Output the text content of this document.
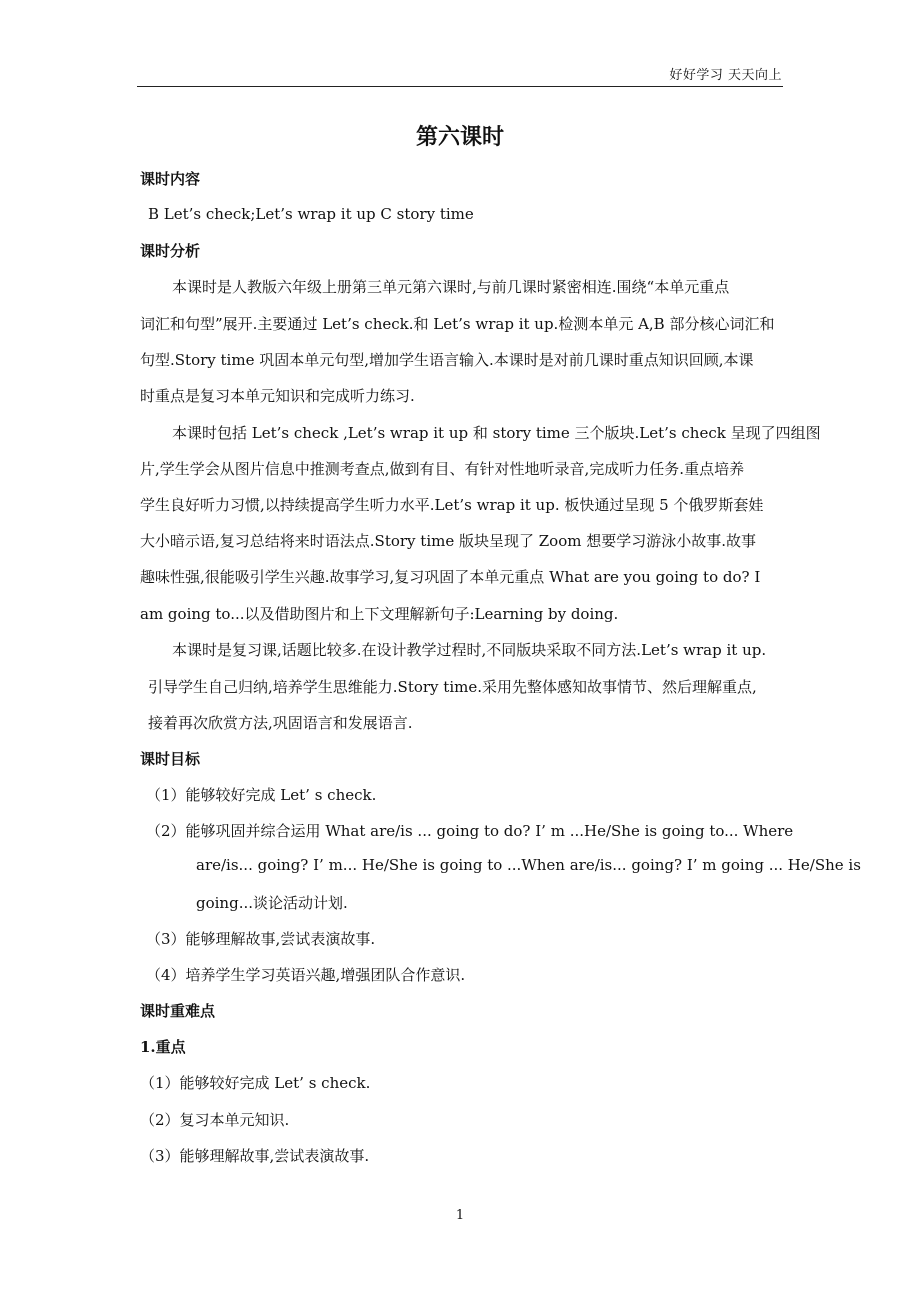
好好学习 天天向上
第六课时
课时内容
B Let’s check;Let’s wrap it up C story time
课时分析
本课时是人教版六年级上册第三单元第六课时,与前几课时紧密相连.围绕“本单元重点
词汇和句型”展开.主要通过 Let’s check.和 Let’s wrap it up.检测本单元 A,B 部分核心词汇和
句型.Story time 巩固本单元句型,增加学生语言输入.本课时是对前几课时重点知识回顾,本课
时重点是复习本单元知识和完成听力练习.
本课时包括 Let’s check ,Let’s wrap it up 和 story time 三个版块.Let’s check 呈现了四组图
片,学生学会从图片信息中推测考查点,做到有目、有针对性地听录音,完成听力任务.重点培养
学生良好听力习惯,以持续提高学生听力水平.Let’s wrap it up. 板快通过呈现 5 个俄罗斯套娃
大小暗示语,复习总结将来时语法点.Story time 版块呈现了 Zoom 想要学习游泳小故事.故事
趣味性强,很能吸引学生兴趣.故事学习,复习巩固了本单元重点 What are you going to do? I
am going to...以及借助图片和上下文理解新句子:Learning by doing.
本课时是复习课,话题比较多.在设计教学过程时,不同版块采取不同方法.Let’s wrap it up.
引导学生自己归纳,培养学生思维能力.Story time.采用先整体感知故事情节、然后理解重点,
接着再次欣赏方法,巩固语言和发展语言.
课时目标
（1）能够较好完成 Let’ s check.
（2）能够巩固并综合运用 What are/is ... going to do? I’ m ...He/She is going to... Where
are/is... going? I’ m... He/She is going to ...When are/is... going? I’ m going ... He/She is
going...谈论活动计划.
（3）能够理解故事,尝试表演故事.
（4）培养学生学习英语兴趣,增强团队合作意识.
课时重难点
1.重点
（1）能够较好完成 Let’ s check.
（2）复习本单元知识.
（3）能够理解故事,尝试表演故事.
1
